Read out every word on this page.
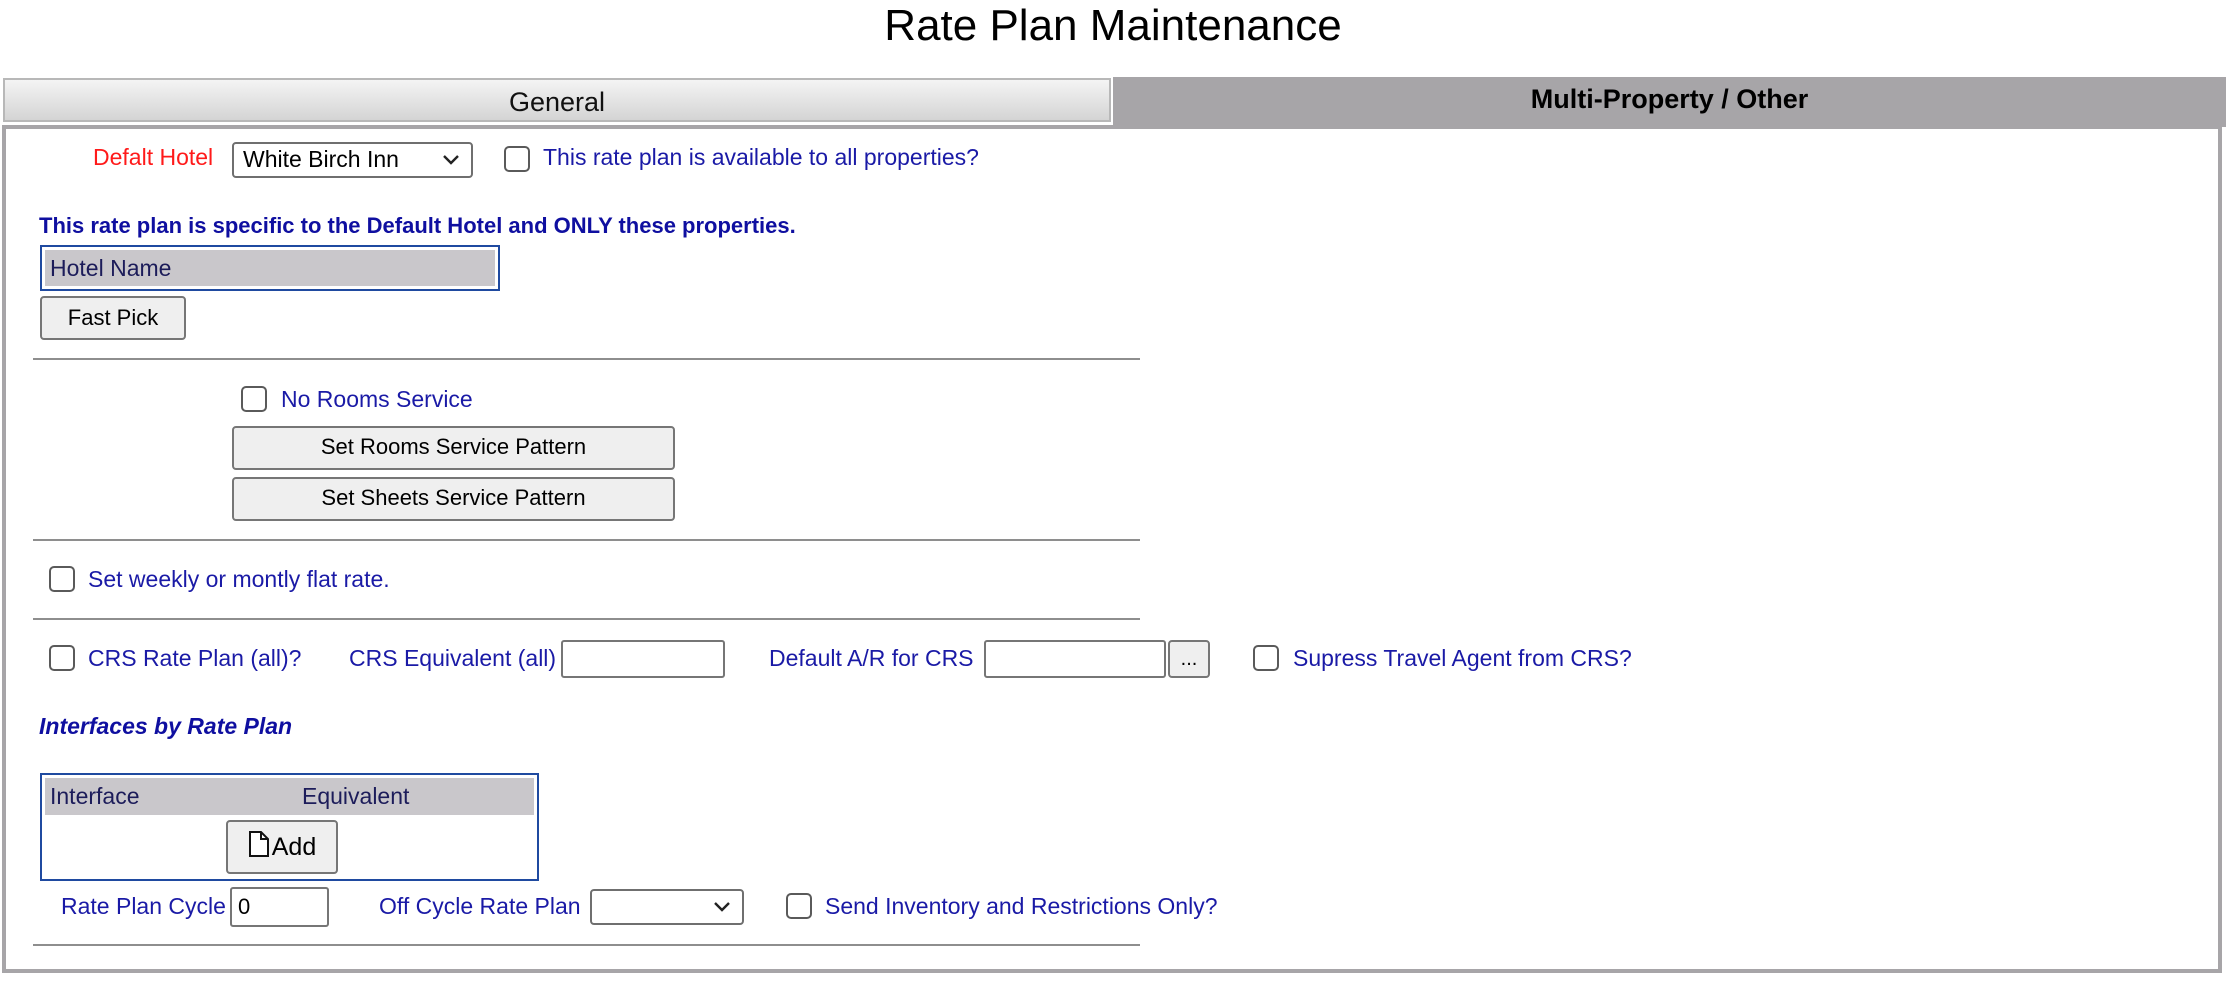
Rate Plan Maintenance
General	Multi-Property / Other
Defalt Hotel	White Birch Inn	This rate plan is available to all properties?
This rate plan is specific to the Default Hotel and ONLY these properties.
Hotel Name
Fast Pick
No Rooms Service
Set Rooms Service Pattern
Set Sheets Service Pattern
Set weekly or montly flat rate.
CRS Rate Plan (all)? CRS Equivalent (all)	Default A/R for CRS	...	Supress Travel Agent from CRS?
Interfaces by Rate Plan
Interface	Equivalent
Add
Rate Plan Cycle 0	Off Cycle Rate Plan	Send Inventory and Restrictions Only?
